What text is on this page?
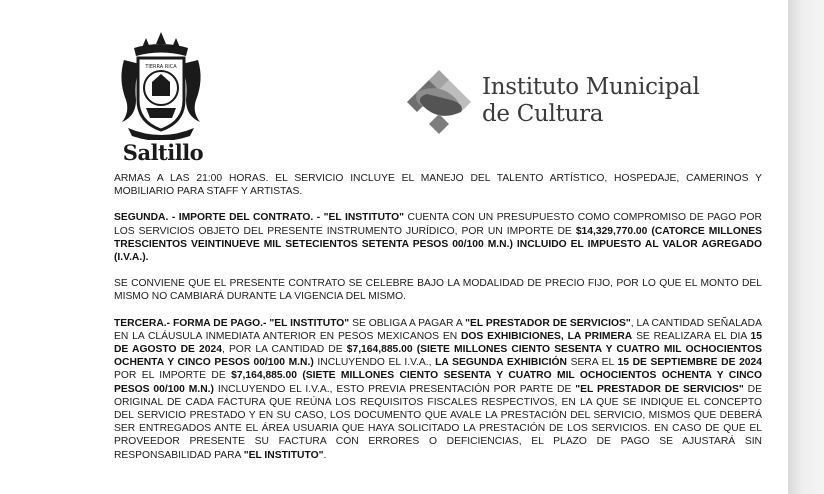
TIERRA RICA
Saltillo
Instituto Municipal
de Cultura

ARMAS A LAS 21:00 HORAS. EL SERVICIO INCLUYE EL MANEJO DEL TALENTO ARTÍSTICO, HOSPEDAJE, CAMERINOS Y MOBILIARIO PARA STAFF Y ARTISTAS.

SEGUNDA. - IMPORTE DEL CONTRATO. - "EL INSTITUTO" CUENTA CON UN PRESUPUESTO COMO COMPROMISO DE PAGO POR LOS SERVICIOS OBJETO DEL PRESENTE INSTRUMENTO JURÍDICO, POR UN IMPORTE DE $14,329,770.00 (CATORCE MILLONES TRESCIENTOS VEINTINUEVE MIL SETECIENTOS SETENTA PESOS 00/100 M.N.) INCLUIDO EL IMPUESTO AL VALOR AGREGADO (I.V.A.).

SE CONVIENE QUE EL PRESENTE CONTRATO SE CELEBRE BAJO LA MODALIDAD DE PRECIO FIJO, POR LO QUE EL MONTO DEL MISMO NO CAMBIARÁ DURANTE LA VIGENCIA DEL MISMO.

TERCERA.- FORMA DE PAGO.- "EL INSTITUTO" SE OBLIGA A PAGAR A "EL PRESTADOR DE SERVICIOS", LA CANTIDAD SEÑALADA EN LA CLÁUSULA INMEDIATA ANTERIOR EN PESOS MEXICANOS EN DOS EXHIBICIONES, LA PRIMERA SE REALIZARA EL DIA 15 DE AGOSTO DE 2024, POR LA CANTIDAD DE $7,164,885.00 (SIETE MILLONES CIENTO SESENTA Y CUATRO MIL OCHOCIENTOS OCHENTA Y CINCO PESOS 00/100 M.N.) INCLUYENDO EL I.V.A., LA SEGUNDA EXHIBICIÓN SERA EL 15 DE SEPTIEMBRE DE 2024 POR EL IMPORTE DE $7,164,885.00 (SIETE MILLONES CIENTO SESENTA Y CUATRO MIL OCHOCIENTOS OCHENTA Y CINCO PESOS 00/100 M.N.) INCLUYENDO EL I.V.A., ESTO PREVIA PRESENTACIÓN POR PARTE DE "EL PRESTADOR DE SERVICIOS" DE ORIGINAL DE CADA FACTURA QUE REÚNA LOS REQUISITOS FISCALES RESPECTIVOS, EN LA QUE SE INDIQUE EL CONCEPTO DEL SERVICIO PRESTADO Y EN SU CASO, LOS DOCUMENTO QUE AVALE LA PRESTACIÓN DEL SERVICIO, MISMOS QUE DEBERÁ SER ENTREGADOS ANTE EL ÁREA USUARIA QUE HAYA SOLICITADO LA PRESTACIÓN DE LOS SERVICIOS. EN CASO DE QUE EL PROVEEDOR PRESENTE SU FACTURA CON ERRORES O DEFICIENCIAS, EL PLAZO DE PAGO SE AJUSTARÁ SIN RESPONSABILIDAD PARA "EL INSTITUTO".
